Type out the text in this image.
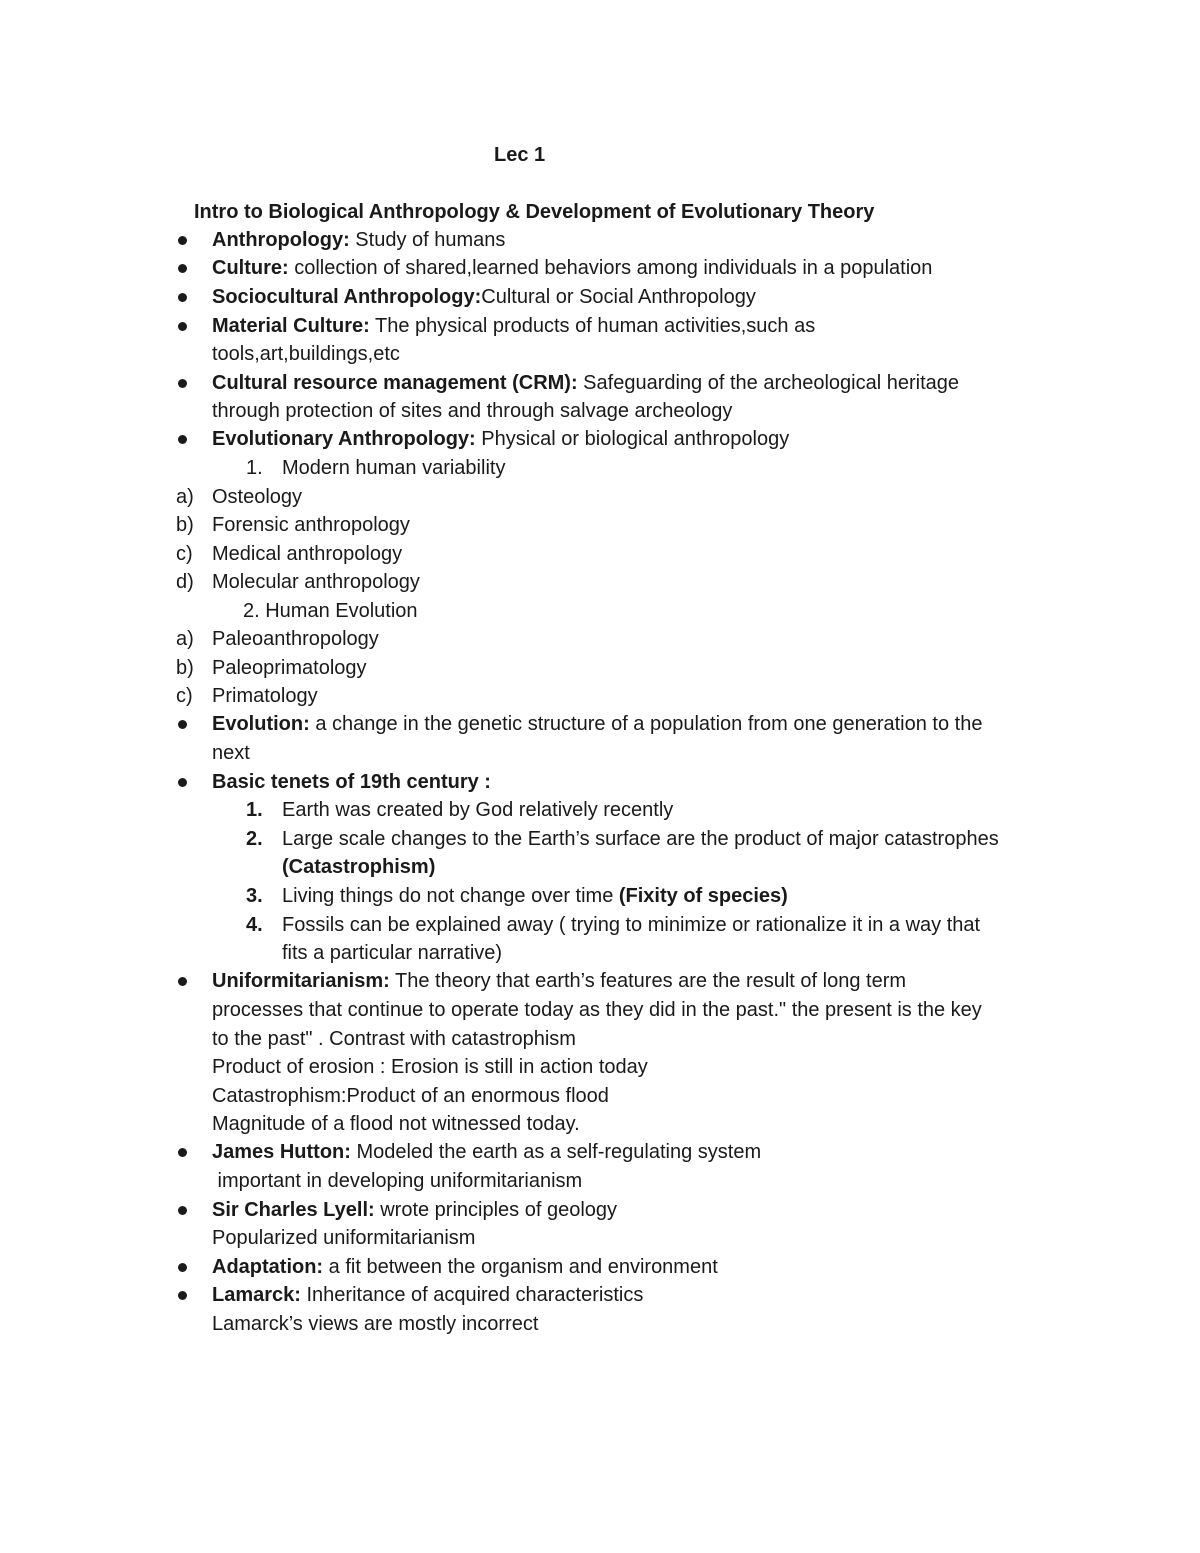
Lec 1
Intro to Biological Anthropology & Development of Evolutionary Theory
Anthropology: Study of humans
Culture: collection of shared,learned behaviors among individuals in a population
Sociocultural Anthropology:Cultural or Social Anthropology
Material Culture: The physical products of human activities,such as
tools,art,buildings,etc
Cultural resource management (CRM): Safeguarding of the archeological heritage
through protection of sites and through salvage archeology
Evolutionary Anthropology: Physical or biological anthropology
1. Modern human variability
a) Osteology
b) Forensic anthropology
c) Medical anthropology
d) Molecular anthropology
2. Human Evolution
a) Paleoanthropology
b) Paleoprimatology
c) Primatology
Evolution: a change in the genetic structure of a population from one generation to the
next
Basic tenets of 19th century :
1. Earth was created by God relatively recently
2. Large scale changes to the Earth’s surface are the product of major catastrophes
(Catastrophism)
3. Living things do not change over time (Fixity of species)
4. Fossils can be explained away ( trying to minimize or rationalize it in a way that
fits a particular narrative)
Uniformitarianism: The theory that earth’s features are the result of long term
processes that continue to operate today as they did in the past." the present is the key
to the past" . Contrast with catastrophism
Product of erosion : Erosion is still in action today
Catastrophism:Product of an enormous flood
Magnitude of a flood not witnessed today.
James Hutton: Modeled the earth as a self-regulating system
important in developing uniformitarianism
Sir Charles Lyell: wrote principles of geology
Popularized uniformitarianism
Adaptation: a fit between the organism and environment
Lamarck: Inheritance of acquired characteristics
Lamarck’s views are mostly incorrect
